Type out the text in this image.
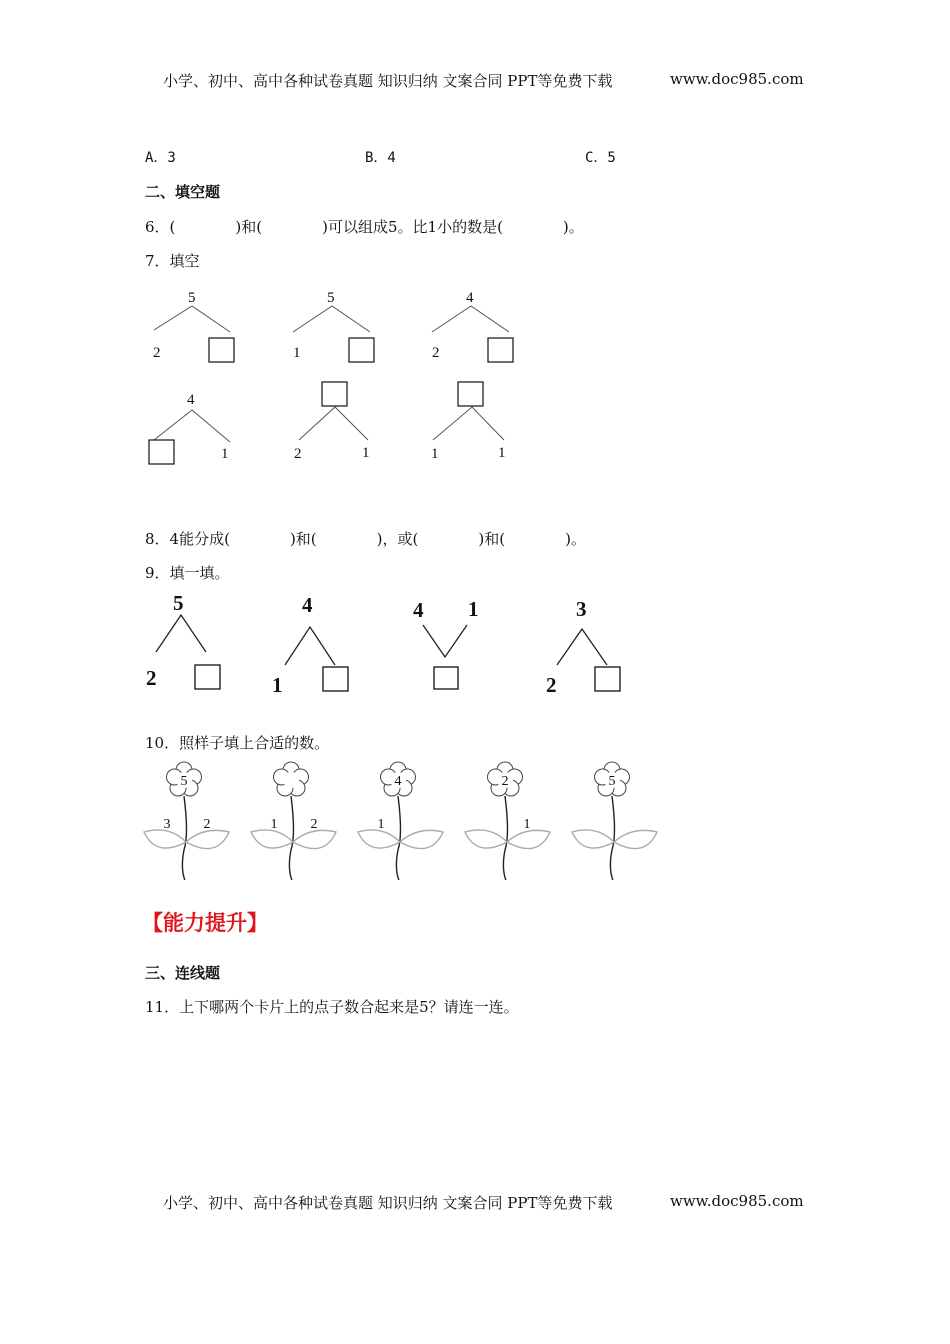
小学、初中、高中各种试卷真题 知识归纳 文案合同 PPT等免费下载	www.doc985.com
A．3	B．4	C．5
二、填空题
6．(	)和(	)可以组成5。比1小的数是(	)。
7．填空
5
2
5
1
4
2
4
1	2	1	1	1
8．4能分成(	)和(	)，或(	)和(	)。
9．填一填。
5
2
4
1
4 1	3
2
10．照样子填上合适的数。
5
3 2	1 2
4
1
2
1
5
【能力提升】
三、连线题
11．上下哪两个卡片上的点子数合起来是5？请连一连。
小学、初中、高中各种试卷真题 知识归纳 文案合同 PPT等免费下载	www.doc985.com
